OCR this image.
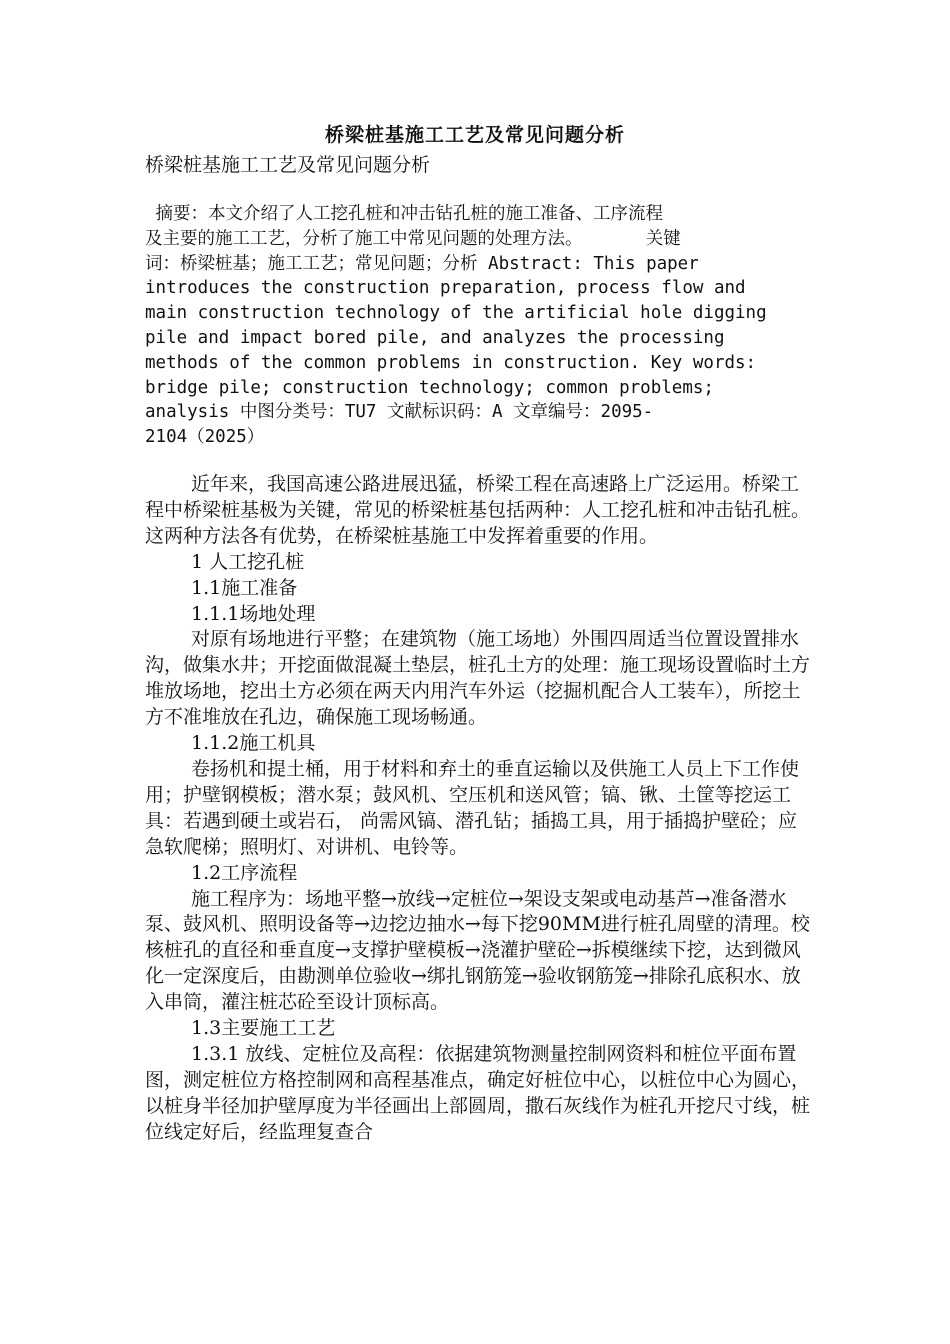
桥梁桩基施工工艺及常见问题分析
桥梁桩基施工工艺及常见问题分析
摘要：本文介绍了人工挖孔桩和冲击钻孔桩的施工准备、工序流程
及主要的施工工艺，分析了施工中常见问题的处理方法。      关键
词：桥梁桩基；施工工艺；常见问题；分析 Abstract: This paper
introduces the construction preparation, process flow and
main construction technology of the artificial hole digging
pile and impact bored pile, and analyzes the processing
methods of the common problems in construction. Key words:
bridge pile; construction technology; common problems;
analysis 中图分类号：TU7 文献标识码：A 文章编号：2095-
2104（2025）

近年来，我国高速公路进展迅猛，桥梁工程在高速路上广泛运用。桥梁工程中桥梁桩基极为关键，常见的桥梁桩基包括两种：人工挖孔桩和冲击钻孔桩。这两种方法各有优势，在桥梁桩基施工中发挥着重要的作用。

1 人工挖孔桩
1.1施工准备
1.1.1场地处理

对原有场地进行平整；在建筑物（施工场地）外围四周适当位置设置排水沟，做集水井；开挖面做混凝土垫层，桩孔土方的处理：施工现场设置临时土方堆放场地，挖出土方必须在两天内用汽车外运（挖掘机配合人工装车），所挖土方不准堆放在孔边，确保施工现场畅通。

1.1.2施工机具

卷扬机和提土桶，用于材料和弃土的垂直运输以及供施工人员上下工作使用；护壁钢模板；潜水泵；鼓风机、空压机和送风管；镐、锹、土筐等挖运工具：若遇到硬土或岩石， 尚需风镐、潜孔钻；插捣工具，用于插捣护壁砼；应急软爬梯；照明灯、对讲机、电铃等。

1.2工序流程

施工程序为：场地平整→放线→定桩位→架设支架或电动基芦→准备潜水泵、鼓风机、照明设备等→边挖边抽水→每下挖90MM进行桩孔周壁的清理。校核桩孔的直径和垂直度→支撑护壁模板→浇灌护壁砼→拆模继续下挖，达到微风化一定深度后，由勘测单位验收→绑扎钢筋笼→验收钢筋笼→排除孔底积水、放入串筒，灌注桩芯砼至设计顶标高。

1.3主要施工工艺

1.3.1 放线、定桩位及高程：依据建筑物测量控制网资料和桩位平面布置图，测定桩位方格控制网和高程基准点，确定好桩位中心，以桩位中心为圆心，以桩身半径加护壁厚度为半径画出上部圆周，撒石灰线作为桩孔开挖尺寸线，桩位线定好后，经监理复查合
